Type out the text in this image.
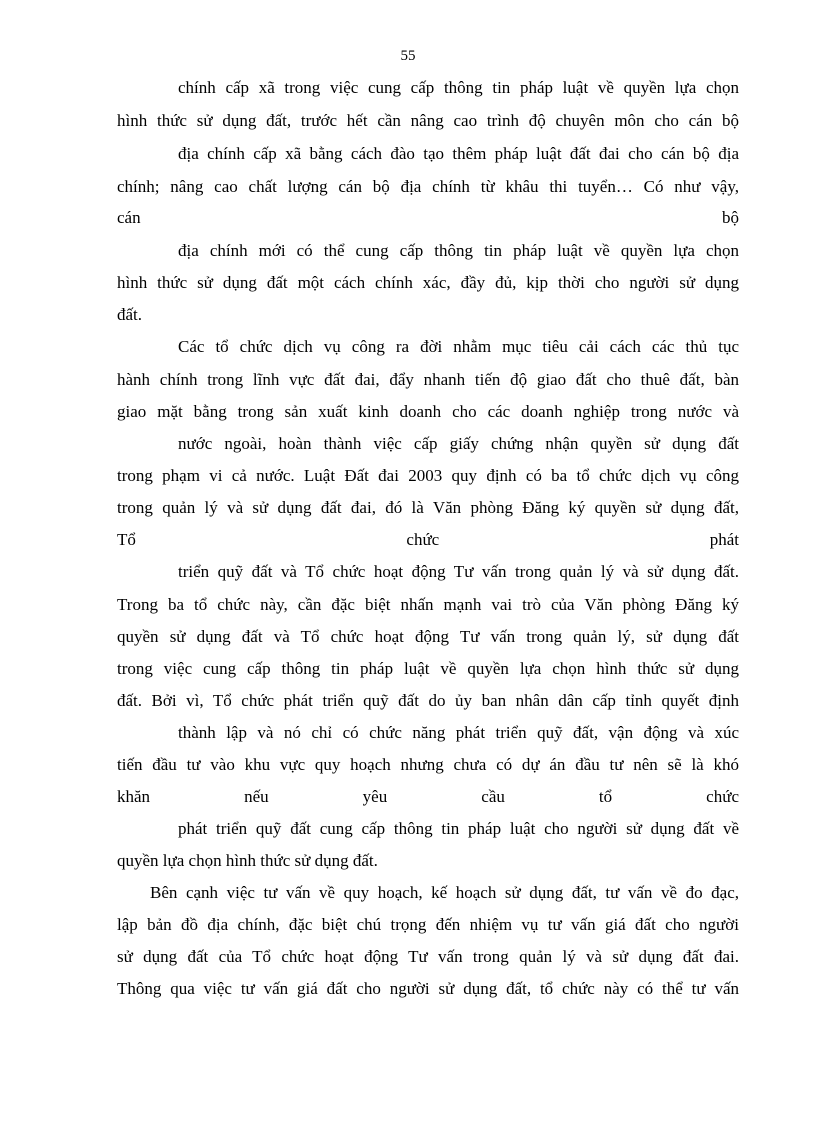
55
chính cấp xã trong việc cung cấp thông tin pháp luật về quyền lựa chọn
hình thức sử dụng đất, trước hết cần nâng cao trình độ chuyên môn cho cán bộ
địa chính cấp xã bằng cách đào tạo thêm pháp luật đất đai cho cán bộ địa
chính; nâng cao chất lượng cán bộ địa chính từ khâu thi tuyển… Có như vậy,
cán bộ
địa chính mới có thể cung cấp thông tin pháp luật về quyền lựa chọn
hình thức sử dụng đất một cách chính xác, đầy đủ, kịp thời cho người sử dụng
đất.
Các tổ chức dịch vụ công ra đời nhằm mục tiêu cải cách các thủ tục
hành chính trong lĩnh vực đất đai, đẩy nhanh tiến độ giao đất cho thuê đất, bàn
giao mặt bằng trong sản xuất kinh doanh cho các doanh nghiệp trong nước và
nước ngoài, hoàn thành việc cấp giấy chứng nhận quyền sử dụng đất
trong phạm vi cả nước. Luật Đất đai 2003 quy định có ba tổ chức dịch vụ công
trong quản lý và sử dụng đất đai, đó là Văn phòng Đăng ký quyền sử dụng đất,
Tổ chức phát
triển quỹ đất và Tổ chức hoạt động Tư vấn trong quản lý và sử dụng đất.
Trong ba tổ chức này, cần đặc biệt nhấn mạnh vai trò của Văn phòng Đăng ký
quyền sử dụng đất và Tổ chức hoạt động Tư vấn trong quản lý, sử dụng đất
trong việc cung cấp thông tin pháp luật về quyền lựa chọn hình thức sử dụng
đất. Bởi vì, Tổ chức phát triển quỹ đất do ủy ban nhân dân cấp tỉnh quyết định
thành lập và nó chỉ có chức năng phát triển quỹ đất, vận động và xúc
tiến đầu tư vào khu vực quy hoạch nhưng chưa có dự án đầu tư nên sẽ là khó
khăn nếu yêu cầu tổ chức
phát triển quỹ đất cung cấp thông tin pháp luật cho người sử dụng đất về
quyền lựa chọn hình thức sử dụng đất.
Bên cạnh việc tư vấn về quy hoạch, kế hoạch sử dụng đất, tư vấn về đo đạc,
lập bản đồ địa chính, đặc biệt chú trọng đến nhiệm vụ tư vấn giá đất cho người
sử dụng đất của Tổ chức hoạt động Tư vấn trong quản lý và sử dụng đất đai.
Thông qua việc tư vấn giá đất cho người sử dụng đất, tổ chức này có thể tư vấn
